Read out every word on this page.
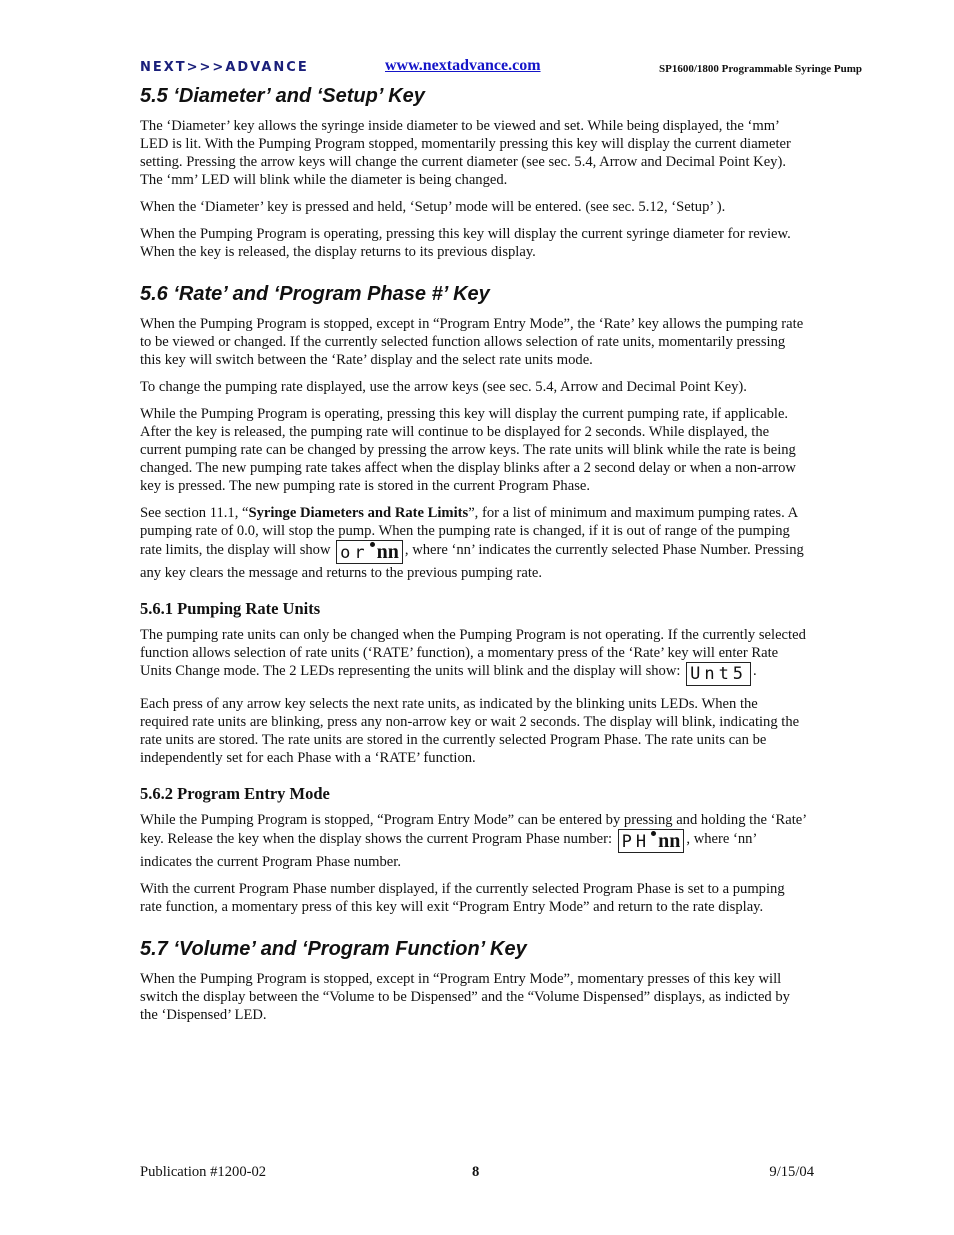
NEXT>>>ADVANCE	www.nextadvance.com	SP1600/1800 Programmable Syringe Pump
5.5 ‘Diameter’ and ‘Setup’ Key

The ‘Diameter’ key allows the syringe inside diameter to be viewed and set. While being displayed, the ‘mm’ LED is lit. With the Pumping Program stopped, momentarily pressing this key will display the current diameter setting. Pressing the arrow keys will change the current diameter (see sec. 5.4, Arrow and Decimal Point Key). The ‘mm’ LED will blink while the diameter is being changed.

When the ‘Diameter’ key is pressed and held, ‘Setup’ mode will be entered. (see sec. 5.12, ‘Setup’ ).

When the Pumping Program is operating, pressing this key will display the current syringe diameter for review. When the key is released, the display returns to its previous display.

5.6 ‘Rate’ and ‘Program Phase #’ Key

When the Pumping Program is stopped, except in “Program Entry Mode”, the ‘Rate’ key allows the pumping rate to be viewed or changed. If the currently selected function allows selection of rate units, momentarily pressing this key will switch between the ‘Rate’ display and the select rate units mode.

To change the pumping rate displayed, use the arrow keys (see sec. 5.4, Arrow and Decimal Point Key).

While the Pumping Program is operating, pressing this key will display the current pumping rate, if applicable. After the key is released, the pumping rate will continue to be displayed for 2 seconds. While displayed, the current pumping rate can be changed by pressing the arrow keys. The rate units will blink while the rate is being changed. The new pumping rate takes affect when the display blinks after a 2 second delay or when a non-arrow key is pressed. The new pumping rate is stored in the current Program Phase.

See section 11.1, “Syringe Diameters and Rate Limits”, for a list of minimum and maximum pumping rates. A pumping rate of 0.0, will stop the pump. When the pumping rate is changed, if it is out of range of the pumping rate limits, the display will show or nn , where ‘nn’ indicates the currently selected Phase Number. Pressing any key clears the message and returns to the previous pumping rate.

5.6.1 Pumping Rate Units

The pumping rate units can only be changed when the Pumping Program is not operating. If the currently selected function allows selection of rate units (‘RATE’ function), a momentary press of the ‘Rate’ key will enter Rate Units Change mode. The 2 LEDs representing the units will blink and the display will show: Unt5 .

Each press of any arrow key selects the next rate units, as indicated by the blinking units LEDs. When the required rate units are blinking, press any non-arrow key or wait 2 seconds. The display will blink, indicating the rate units are stored. The rate units are stored in the currently selected Program Phase. The rate units can be independently set for each Phase with a ‘RATE’ function.

5.6.2 Program Entry Mode

While the Pumping Program is stopped, “Program Entry Mode” can be entered by pressing and holding the ‘Rate’ key. Release the key when the display shows the current Program Phase number: PH nn , where ‘nn’ indicates the current Program Phase number.

With the current Program Phase number displayed, if the currently selected Program Phase is set to a pumping rate function, a momentary press of this key will exit “Program Entry Mode” and return to the rate display.

5.7 ‘Volume’ and ‘Program Function’ Key

When the Pumping Program is stopped, except in “Program Entry Mode”, momentary presses of this key will switch the display between the “Volume to be Dispensed” and the “Volume Dispensed” displays, as indicted by the ‘Dispensed’ LED.

Publication #1200-02	8	9/15/04
